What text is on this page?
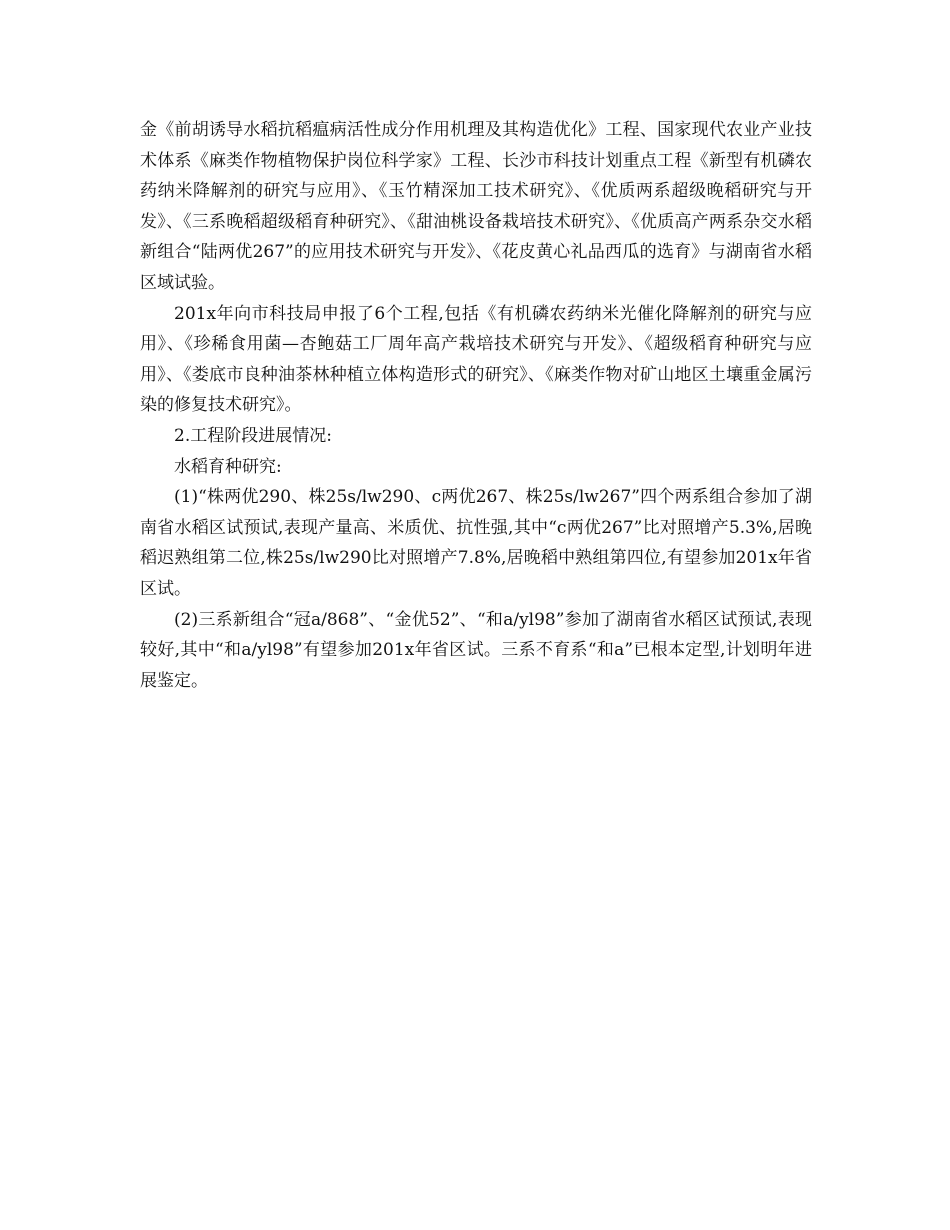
金《前胡诱导水稻抗稻瘟病活性成分作用机理及其构造优化》工程、国家现代农业产业技术体系《麻类作物植物保护岗位科学家》工程、长沙市科技计划重点工程《新型有机磷农药纳米降解剂的研究与应用》、《玉竹精深加工技术研究》、《优质两系超级晚稻研究与开发》、《三系晚稻超级稻育种研究》、《甜油桃设备栽培技术研究》、《优质高产两系杂交水稻新组合“陆两优267”的应用技术研究与开发》、《花皮黄心礼品西瓜的选育》与湖南省水稻区域试验。

201x年向市科技局申报了6个工程,包括《有机磷农药纳米光催化降解剂的研究与应用》、《珍稀食用菌—杏鲍菇工厂周年高产栽培技术研究与开发》、《超级稻育种研究与应用》、《娄底市良种油茶林种植立体构造形式的研究》、《麻类作物对矿山地区土壤重金属污染的修复技术研究》。

2.工程阶段进展情况:

水稻育种研究:

(1)“株两优290、株25s/lw290、c两优267、株25s/lw267”四个两系组合参加了湖南省水稻区试预试,表现产量高、米质优、抗性强,其中“c两优267”比对照增产5.3%,居晚稻迟熟组第二位,株25s/lw290比对照增产7.8%,居晚稻中熟组第四位,有望参加201x年省区试。

(2)三系新组合“冠a/868”、“金优52”、“和a/yl98”参加了湖南省水稻区试预试,表现较好,其中“和a/yl98”有望参加201x年省区试。三系不育系“和a”已根本定型,计划明年进展鉴定。
